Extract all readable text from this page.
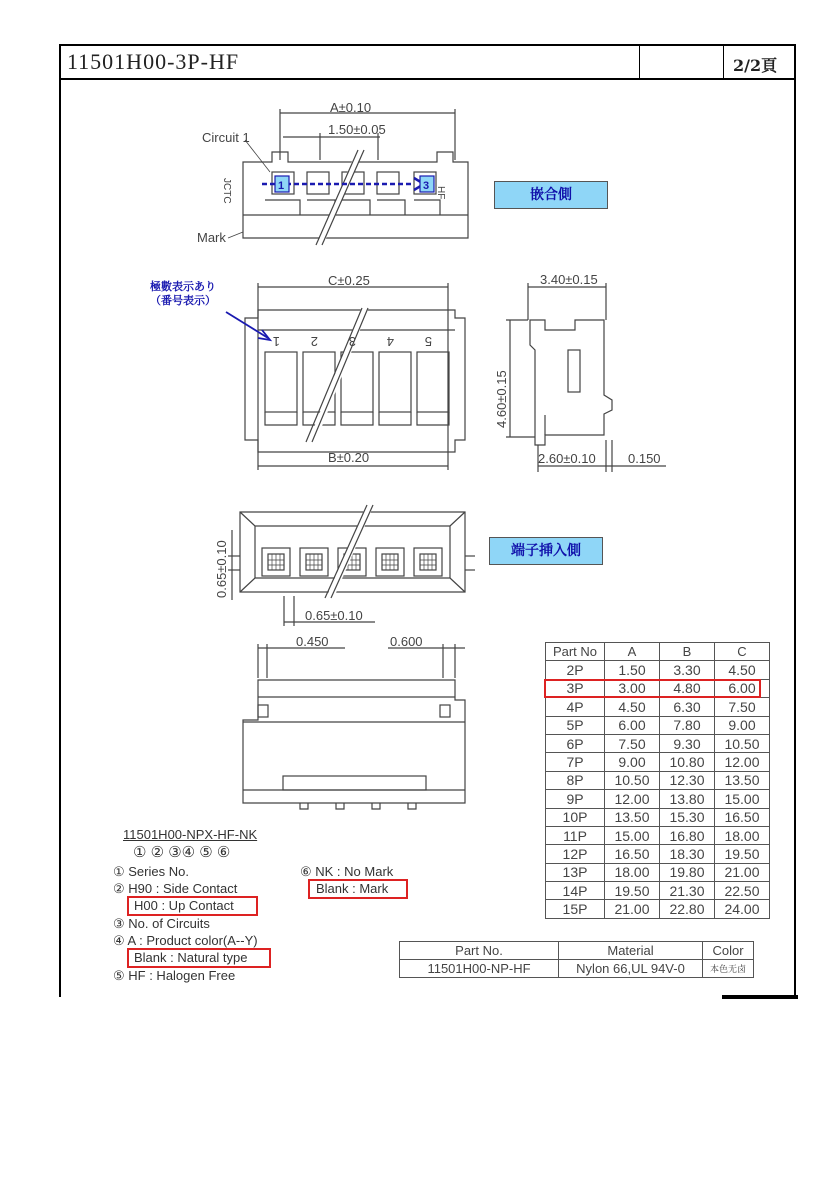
11501H00-3P-HF	2/2頁
A±0.10
1.50±0.05
Circuit 1
Mark
1	3
JCTC	HF
C±0.25
B±0.20
1 2 3 4 5
3.40±0.15
4.60±0.15
2.60±0.10 0.150
0.65±0.10
0.65±0.10
0.450	0.600
嵌合側
極數表示あり
（番号表示）
端子挿入側
Part No	A	B	C
2P	1.50	3.30	4.50
3P	3.00	4.80	6.00
4P	4.50	6.30	7.50
5P	6.00	7.80	9.00
6P	7.50	9.30	10.50
7P	9.00	10.80	12.00
8P	10.50	12.30	13.50
9P	12.00	13.80	15.00
10P	13.50	15.30	16.50
11P	15.00	16.80	18.00
12P	16.50	18.30	19.50
13P	18.00	19.80	21.00
14P	19.50	21.30	22.50
15P	21.00	22.80	24.00
11501H00-NPX-HF-NK
① ② ③④ ⑤ ⑥
① Series No.
② H90 : Side Contact
H00 : Up Contact
③ No. of Circuits
④ A : Product color(A--Y)
Blank : Natural type
⑤ HF : Halogen Free
⑥ NK : No Mark
Blank : Mark
Part No.	Material	Color
11501H00-NP-HF	Nylon 66,UL 94V-0	本色无卤
